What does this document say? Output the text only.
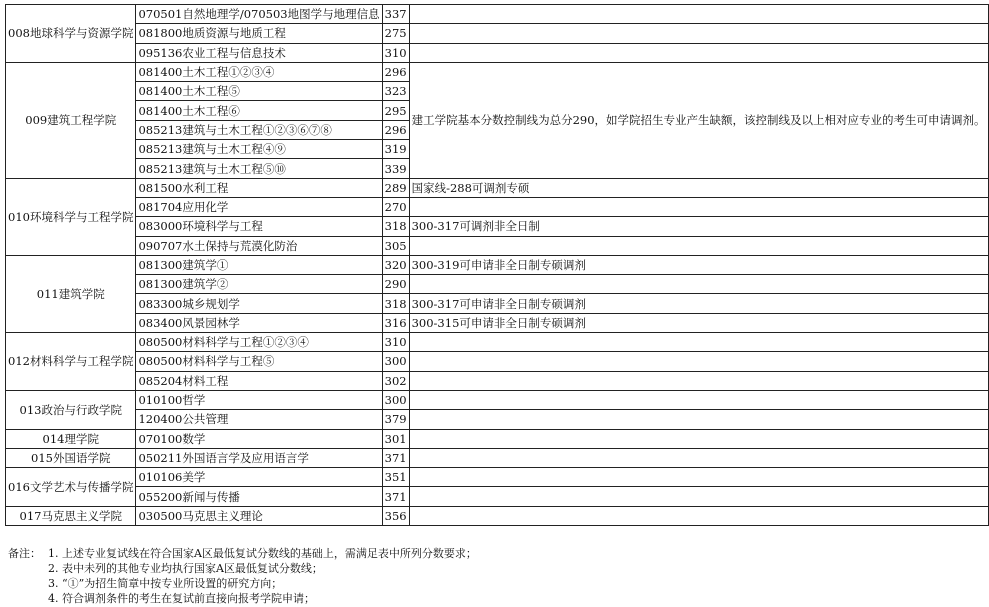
008地球科学与资源学院	070501自然地理学/070503地图学与地理信息	337	
	081800地质资源与地质工程	275	
	095136农业工程与信息技术	310	
009建筑工程学院	081400土木工程①②③④	296	建工学院基本分数控制线为总分290，如学院招生专业产生缺额，该控制线及以上相对应专业的考生可申请调剂。
	081400土木工程⑤	323	
	081400土木工程⑥	295	
	085213建筑与土木工程①②③⑥⑦⑧	296	
	085213建筑与土木工程④⑨	319	
	085213建筑与土木工程⑤⑩	339	
010环境科学与工程学院	081500水利工程	289	国家线-288可调剂专硕
	081704应用化学	270	
	083000环境科学与工程	318	300-317可调剂非全日制
	090707水土保持与荒漠化防治	305	
011建筑学院	081300建筑学①	320	300-319可申请非全日制专硕调剂
	081300建筑学②	290	
	083300城乡规划学	318	300-317可申请非全日制专硕调剂
	083400风景园林学	316	300-315可申请非全日制专硕调剂
012材料科学与工程学院	080500材料科学与工程①②③④	310	
	080500材料科学与工程⑤	300	
	085204材料工程	302	
013政治与行政学院	010100哲学	300	
	120400公共管理	379	
014理学院	070100数学	301	
015外国语学院	050211外国语言学及应用语言学	371	
016文学艺术与传播学院	010106美学	351	
	055200新闻与传播	371	
017马克思主义学院	030500马克思主义理论	356	
备注： 1. 上述专业复试线在符合国家A区最低复试分数线的基础上，需满足表中所列分数要求；
2. 表中未列的其他专业均执行国家A区最低复试分数线；
3. “①”为招生简章中按专业所设置的研究方向；
4. 符合调剂条件的考生在复试前直接向报考学院申请；
